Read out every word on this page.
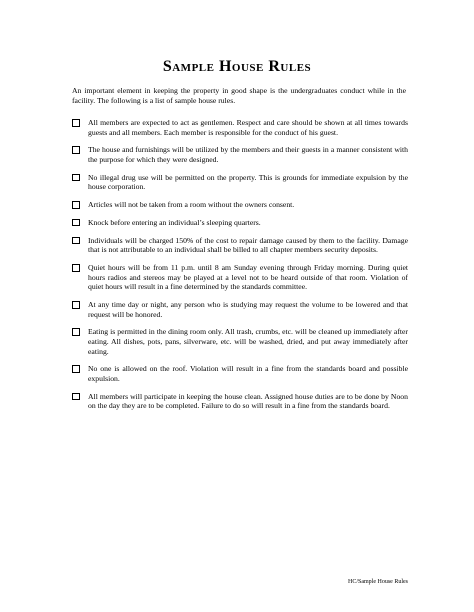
Sample House Rules
An important element in keeping the property in good shape is the undergraduates conduct while in the facility. The following is a list of sample house rules.
All members are expected to act as gentlemen. Respect and care should be shown at all times towards guests and all members. Each member is responsible for the conduct of his guest.
The house and furnishings will be utilized by the members and their guests in a manner consistent with the purpose for which they were designed.
No illegal drug use will be permitted on the property. This is grounds for immediate expulsion by the house corporation.
Articles will not be taken from a room without the owners consent.
Knock before entering an individual’s sleeping quarters.
Individuals will be charged 150% of the cost to repair damage caused by them to the facility. Damage that is not attributable to an individual shall be billed to all chapter members security deposits.
Quiet hours will be from 11 p.m. until 8 am Sunday evening through Friday morning. During quiet hours radios and stereos may be played at a level not to be heard outside of that room. Violation of quiet hours will result in a fine determined by the standards committee.
At any time day or night, any person who is studying may request the volume to be lowered and that request will be honored.
Eating is permitted in the dining room only. All trash, crumbs, etc. will be cleaned up immediately after eating. All dishes, pots, pans, silverware, etc. will be washed, dried, and put away immediately after eating.
No one is allowed on the roof. Violation will result in a fine from the standards board and possible expulsion.
All members will participate in keeping the house clean. Assigned house duties are to be done by Noon on the day they are to be completed. Failure to do so will result in a fine from the standards board.
HC/Sample House Rules
